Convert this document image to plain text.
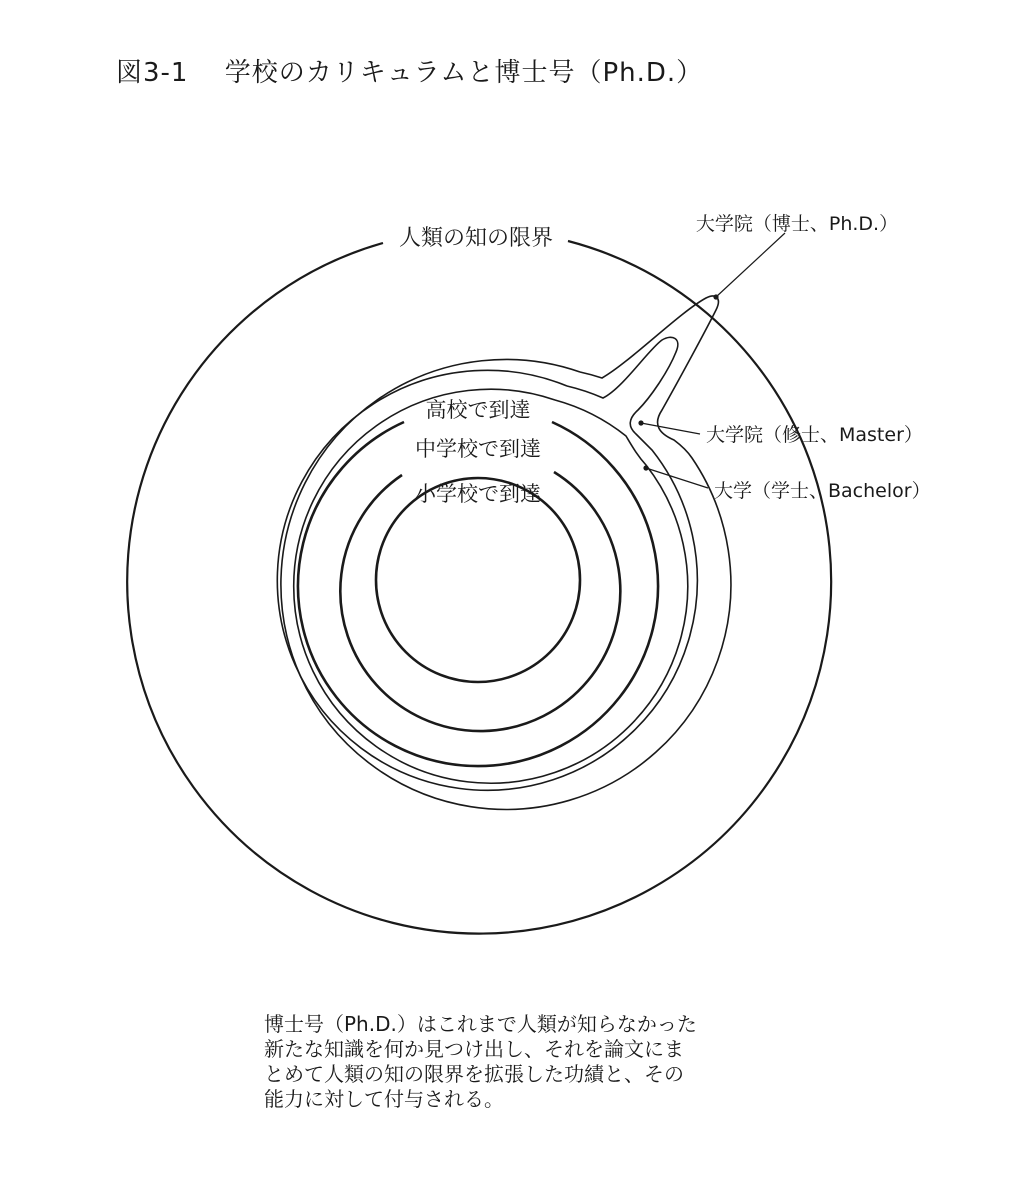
図3-1　 学校のカリキュラムと博士号（Ph.D.）
人類の知の限界
大学院（博士、Ph.D.）
大学院（修士、Master）
大学（学士、Bachelor）
高校で到達
中学校で到達
小学校で到達
博士号（Ph.D.）はこれまで人類が知らなかった
新たな知識を何か見つけ出し、それを論文にま
とめて人類の知の限界を拡張した功績と、その
能力に対して付与される。
